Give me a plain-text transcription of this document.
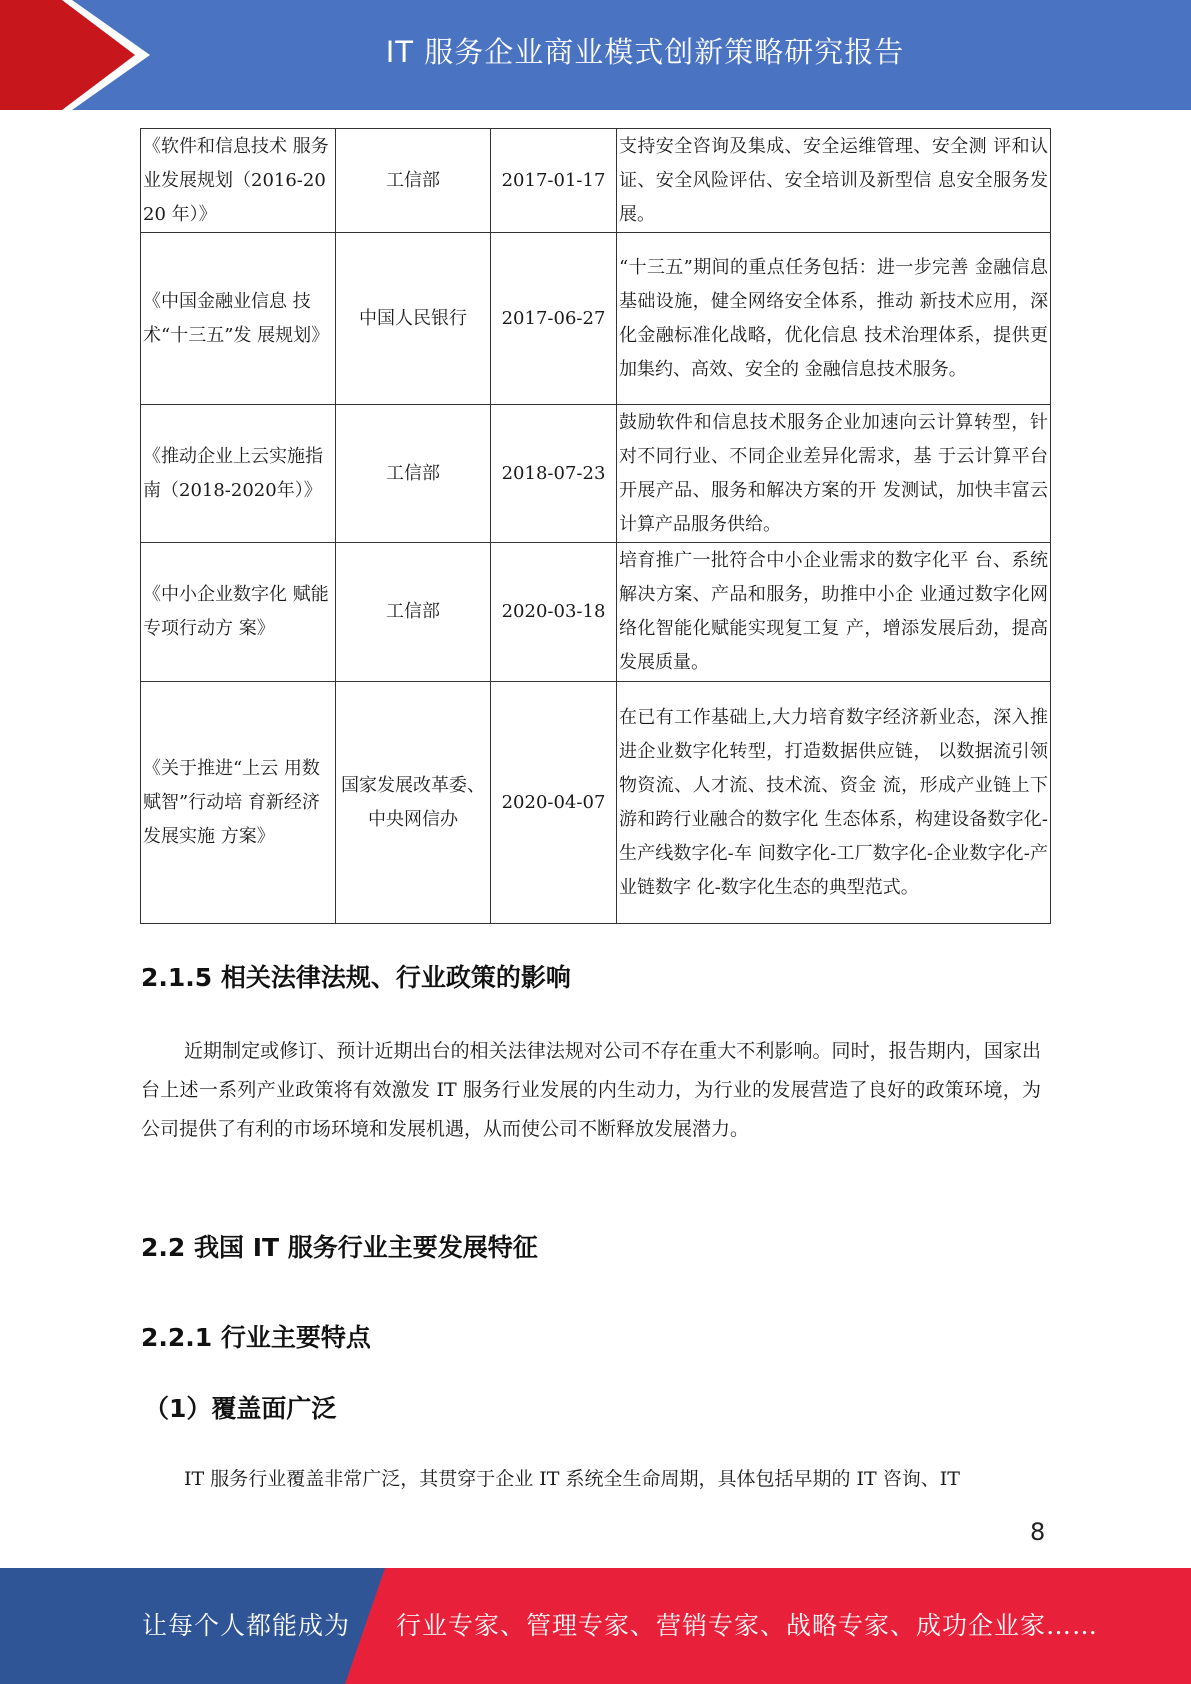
IT 服务企业商业模式创新策略研究报告
《软件和信息技术 服务业发展规划（2016-2020 年）》	工信部	2017-01-17	支持安全咨询及集成、安全运维管理、安全测 评和认证、安全风险评估、安全培训及新型信 息安全服务发展。
《中国金融业信息 技术“十三五”发 展规划》	中国人民银行	2017-06-27	“十三五”期间的重点任务包括：进一步完善 金融信息基础设施，健全网络安全体系，推动 新技术应用，深化金融标准化战略，优化信息 技术治理体系，提供更加集约、高效、安全的 金融信息技术服务。
《推动企业上云实施指南（2018-2020年）》	工信部	2018-07-23	鼓励软件和信息技术服务企业加速向云计算转型，针对不同行业、不同企业差异化需求，基 于云计算平台开展产品、服务和解决方案的开 发测试，加快丰富云计算产品服务供给。
《中小企业数字化 赋能专项行动方 案》	工信部	2020-03-18	培育推广一批符合中小企业需求的数字化平 台、系统解决方案、产品和服务，助推中小企 业通过数字化网络化智能化赋能实现复工复 产，增添发展后劲，提高发展质量。
《关于推进“上云 用数赋智”行动培 育新经济发展实施 方案》	国家发展改革委、中央网信办	2020-04-07	在已有工作基础上,大力培育数字经济新业态，深入推进企业数字化转型，打造数据供应链， 以数据流引领物资流、人才流、技术流、资金 流，形成产业链上下游和跨行业融合的数字化 生态体系，构建设备数字化-生产线数字化-车 间数字化-工厂数字化-企业数字化-产业链数字 化-数字化生态的典型范式。
2.1.5 相关法律法规、行业政策的影响
近期制定或修订、预计近期出台的相关法律法规对公司不存在重大不利影响。同时，报告期内，国家出台上述一系列产业政策将有效激发 IT 服务行业发展的内生动力，为行业的发展营造了良好的政策环境，为公司提供了有利的市场环境和发展机遇，从而使公司不断释放发展潜力。
2.2 我国 IT 服务行业主要发展特征
2.2.1 行业主要特点
（1）覆盖面广泛
IT 服务行业覆盖非常广泛，其贯穿于企业 IT 系统全生命周期，具体包括早期的 IT 咨询、IT
8
让每个人都能成为 行业专家、管理专家、营销专家、战略专家、成功企业家……
